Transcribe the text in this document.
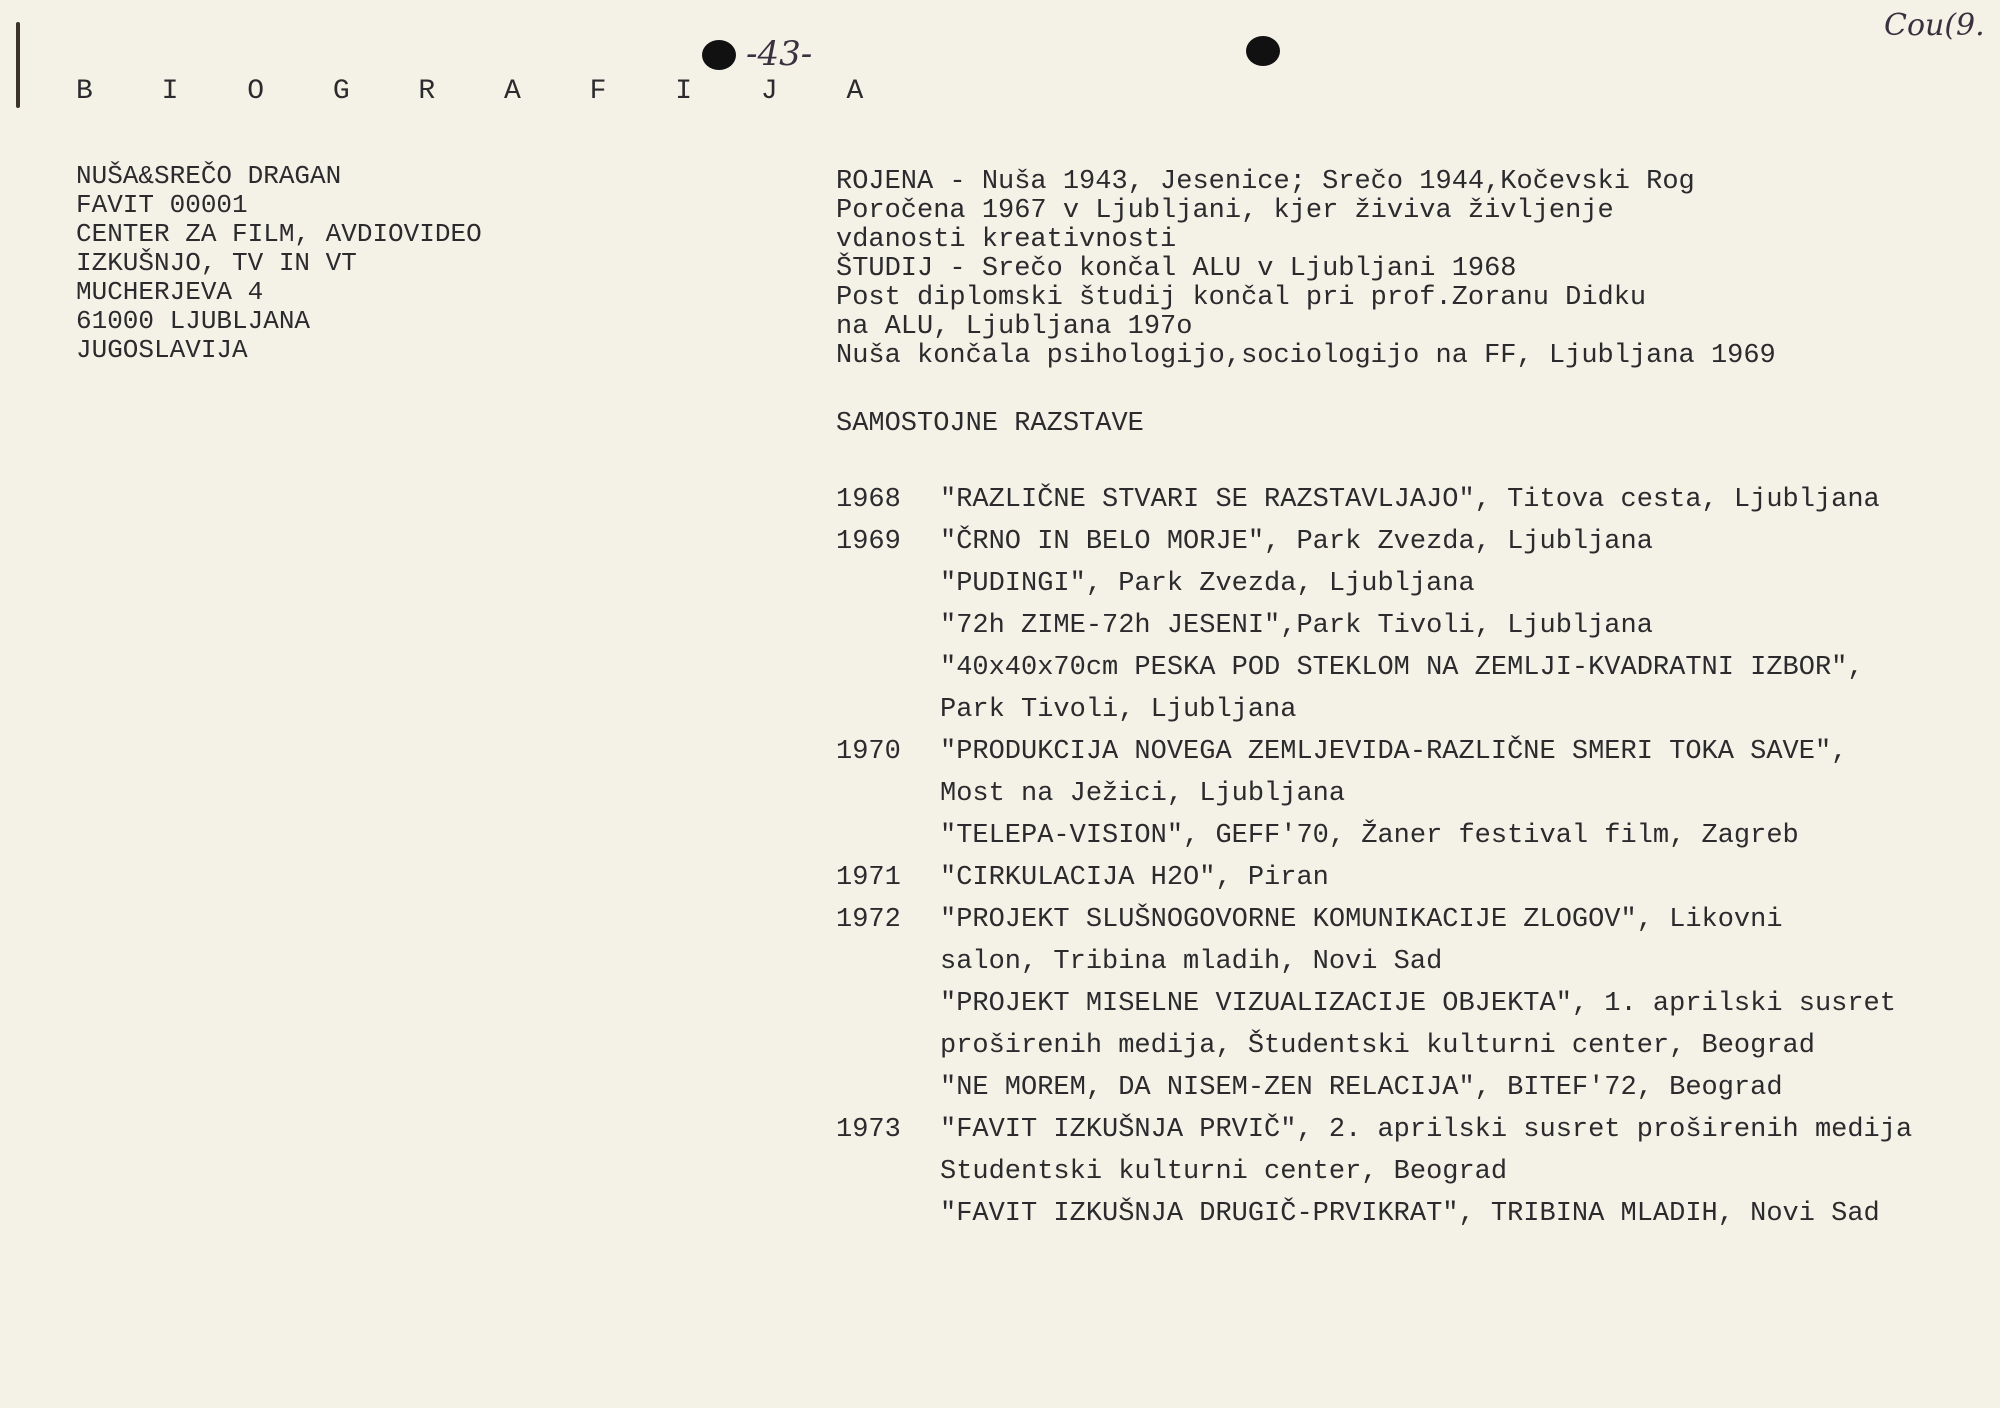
-43-
Cou(9.
B I O G R A F I J A
NUŠA&SREČO DRAGAN
FAVIT 00001
CENTER ZA FILM, AVDIOVIDEO
IZKUŠNJO, TV IN VT
MUCHERJEVA 4
61000 LJUBLJANA
JUGOSLAVIJA
ROJENA - Nuša 1943, Jesenice; Srečo 1944,Kočevski Rog
Poročena 1967 v Ljubljani, kjer živiva življenje
vdanosti kreativnosti
ŠTUDIJ - Srečo končal ALU v Ljubljani 1968
Post diplomski študij končal pri prof.Zoranu Didku
na ALU, Ljubljana 197o
Nuša končala psihologijo,sociologijo na FF, Ljubljana 1969
SAMOSTOJNE RAZSTAVE
1968	"RAZLIČNE STVARI SE RAZSTAVLJAJO", Titova cesta, Ljubljana
1969	"ČRNO IN BELO MORJE", Park Zvezda, Ljubljana
"PUDINGI", Park Zvezda, Ljubljana
"72h ZIME-72h JESENI",Park Tivoli, Ljubljana
"40x40x70cm PESKA POD STEKLOM NA ZEMLJI-KVADRATNI IZBOR",
Park Tivoli, Ljubljana
1970	"PRODUKCIJA NOVEGA ZEMLJEVIDA-RAZLIČNE SMERI TOKA SAVE",
Most na Ježici, Ljubljana
"TELEPA-VISION", GEFF'70, Žaner festival film, Zagreb
1971	"CIRKULACIJA H2O", Piran
1972	"PROJEKT SLUŠNOGOVORNE KOMUNIKACIJE ZLOGOV", Likovni
salon, Tribina mladih, Novi Sad
"PROJEKT MISELNE VIZUALIZACIJE OBJEKTA", 1. aprilski susret
proširenih medija, Študentski kulturni center, Beograd
"NE MOREM, DA NISEM-ZEN RELACIJA", BITEF'72, Beograd
1973	"FAVIT IZKUŠNJA PRVIČ", 2. aprilski susret proširenih medija
Studentski kulturni center, Beograd
"FAVIT IZKUŠNJA DRUGIČ-PRVIKRAT", TRIBINA MLADIH, Novi Sad
